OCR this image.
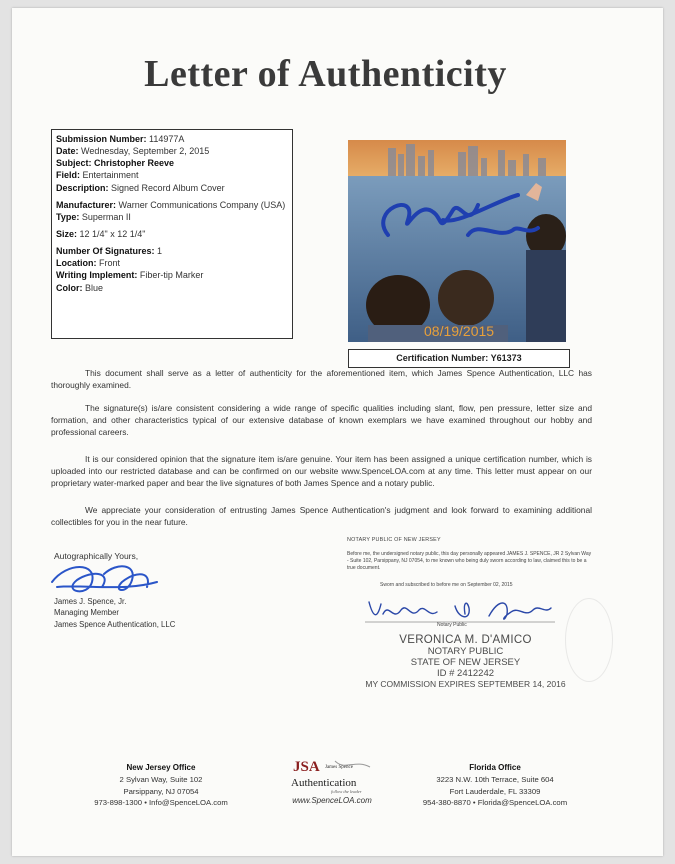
Letter of Authenticity
Submission Number: 114977A
Date: Wednesday, September 2, 2015
Subject: Christopher Reeve
Field: Entertainment
Description: Signed Record Album Cover
Manufacturer: Warner Communications Company (USA)
Type: Superman II
Size: 12 1/4" x 12 1/4"
Number Of Signatures: 1
Location: Front
Writing Implement: Fiber-tip Marker
Color: Blue
08/19/2015
Certification Number: Y61373

This document shall serve as a letter of authenticity for the aforementioned item, which James Spence Authentication, LLC has thoroughly examined.

The signature(s) is/are consistent considering a wide range of specific qualities including slant, flow, pen pressure, letter size and formation, and other characteristics typical of our extensive database of known exemplars we have examined throughout our hobby and professional careers.

It is our considered opinion that the signature item is/are genuine. Your item has been assigned a unique certification number, which is uploaded into our restricted database and can be confirmed on our website www.SpenceLOA.com at any time. This letter must appear on our proprietary water-marked paper and bear the live signatures of both James Spence and a notary public.

We appreciate your consideration of entrusting James Spence Authentication's judgment and look forward to examining additional collectibles for you in the near future.

Autographically Yours,
James J. Spence, Jr.
Managing Member
James Spence Authentication, LLC
NOTARY PUBLIC OF NEW JERSEY
Before me, the undersigned notary public, this day personally appeared JAMES J. SPENCE, JR 2 Sylvan Way - Suite 102, Parsippany, NJ 07054, to me known who being duly sworn according to law, claimed this to be a true document.
Sworn and subscribed to before me on September 02, 2015
Notary Public
VERONICA M. D'AMICO
NOTARY PUBLIC
STATE OF NEW JERSEY
ID # 2412242
MY COMMISSION EXPIRES SEPTEMBER 14, 2016
New Jersey Office
2 Sylvan Way, Suite 102
Parsippany, NJ 07054
973-898-1300 • Info@SpenceLOA.com
JSA James Spence
Authentication
follow the leader
www.SpenceLOA.com
Florida Office
3223 N.W. 10th Terrace, Suite 604
Fort Lauderdale, FL 33309
954-380-8870 • Florida@SpenceLOA.com
